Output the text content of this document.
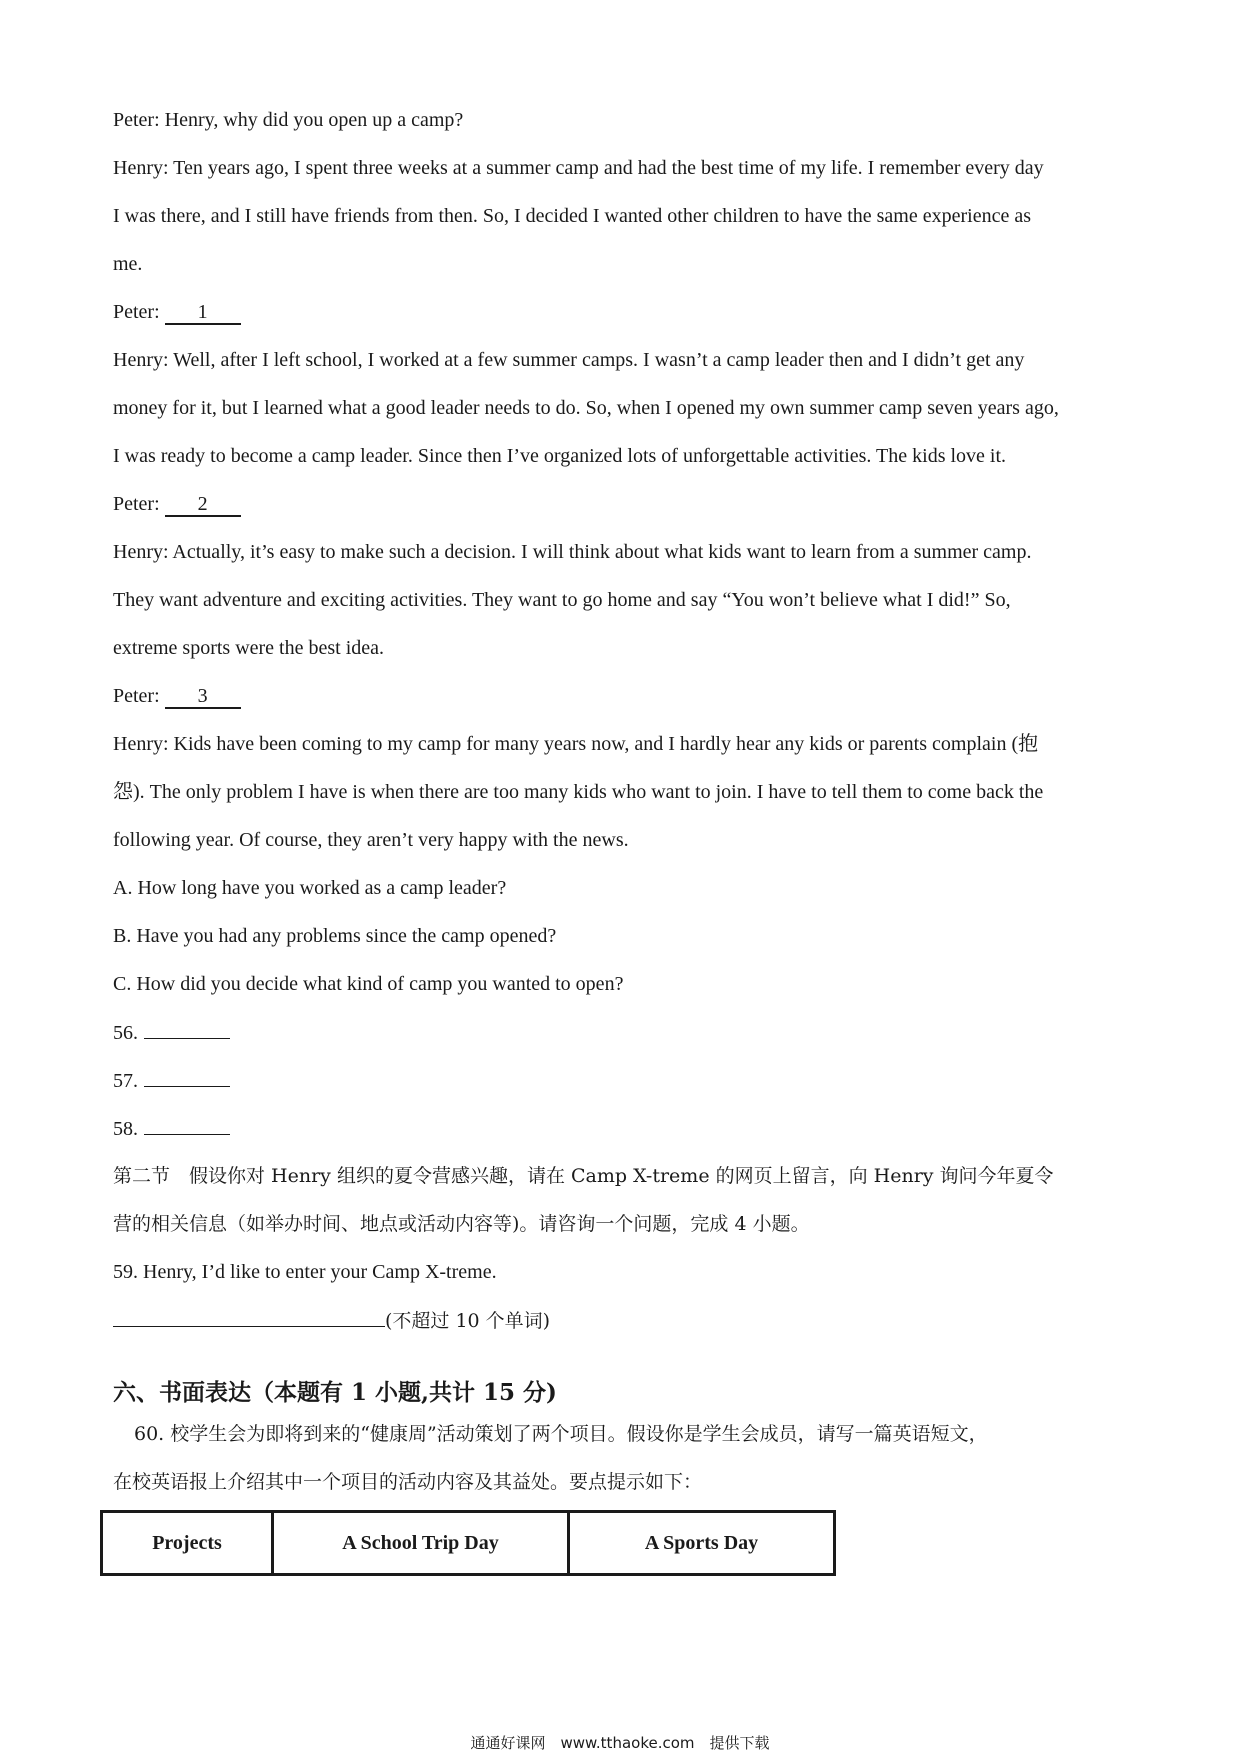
Peter: Henry, why did you open up a camp?
Henry: Ten years ago, I spent three weeks at a summer camp and had the best time of my life. I remember every day
I was there, and I still have friends from then. So, I decided I wanted other children to have the same experience as
me.
Peter: 1
Henry: Well, after I left school, I worked at a few summer camps. I wasn’t a camp leader then and I didn’t get any
money for it, but I learned what a good leader needs to do. So, when I opened my own summer camp seven years ago,
I was ready to become a camp leader. Since then I’ve organized lots of unforgettable activities. The kids love it.
Peter: 2
Henry: Actually, it’s easy to make such a decision. I will think about what kids want to learn from a summer camp.
They want adventure and exciting activities. They want to go home and say “You won’t believe what I did!” So,
extreme sports were the best idea.
Peter: 3
Henry: Kids have been coming to my camp for many years now, and I hardly hear any kids or parents complain (抱
怨). The only problem I have is when there are too many kids who want to join. I have to tell them to come back the
following year. Of course, they aren’t very happy with the news.
A. How long have you worked as a camp leader?
B. Have you had any problems since the camp opened?
C. How did you decide what kind of camp you wanted to open?
56.
57.
58.
第二节　假设你对 Henry 组织的夏令营感兴趣，请在 Camp X-treme 的网页上留言，向 Henry 询问今年夏令
营的相关信息（如举办时间、地点或活动内容等)。请咨询一个问题，完成 4 小题。
59. Henry, I’d like to enter your Camp X-treme.
(不超过 10 个单词)
六、书面表达（本题有 1 小题,共计 15 分)
60. 校学生会为即将到来的“健康周”活动策划了两个项目。假设你是学生会成员，请写一篇英语短文，
在校英语报上介绍其中一个项目的活动内容及其益处。要点提示如下：
Projects	A School Trip Day	A Sports Day
通通好课网　www.tthaoke.com　提供下载
